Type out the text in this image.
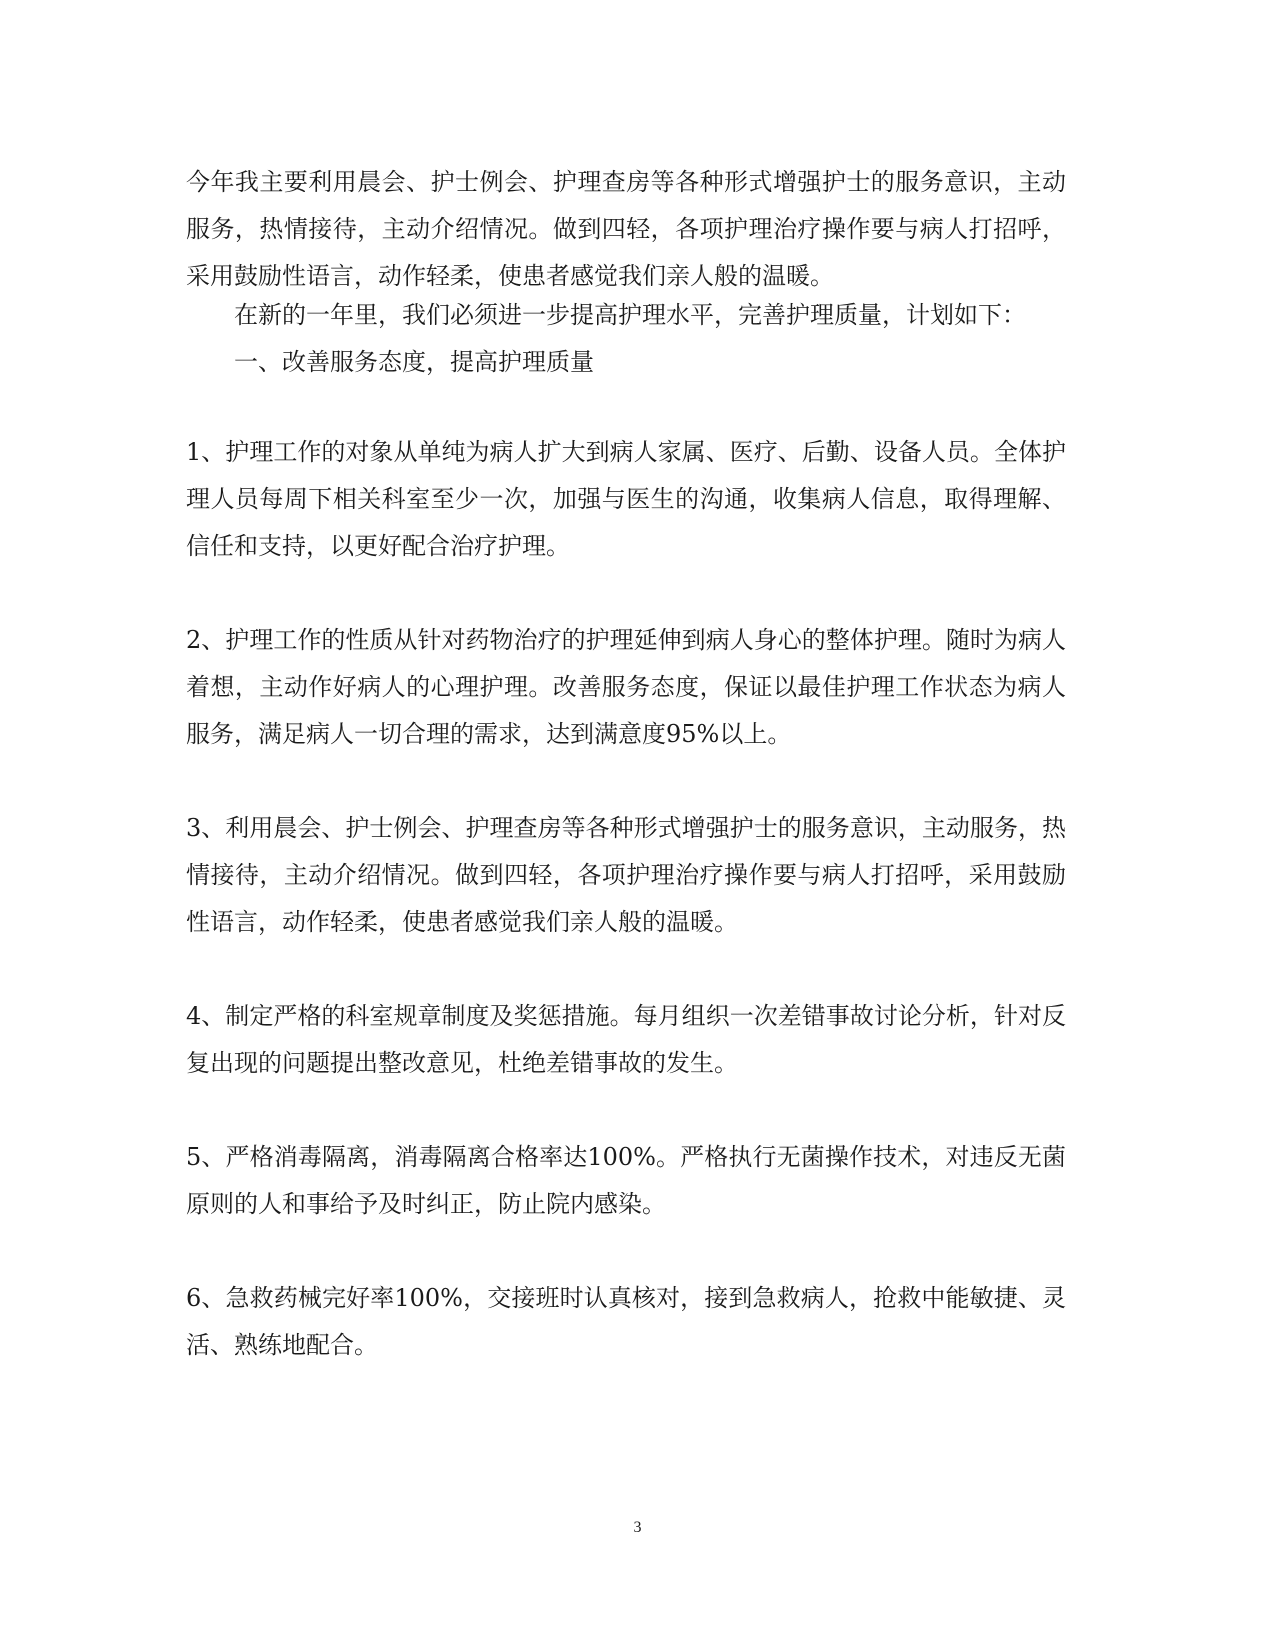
今年我主要利用晨会、护士例会、护理查房等各种形式增强护士的服务意识，主动服务，热情接待，主动介绍情况。做到四轻，各项护理治疗操作要与病人打招呼，采用鼓励性语言，动作轻柔，使患者感觉我们亲人般的温暖。

在新的一年里，我们必须进一步提高护理水平，完善护理质量，计划如下：

一、改善服务态度，提高护理质量

1、护理工作的对象从单纯为病人扩大到病人家属、医疗、后勤、设备人员。全体护理人员每周下相关科室至少一次，加强与医生的沟通，收集病人信息，取得理解、信任和支持，以更好配合治疗护理。

2、护理工作的性质从针对药物治疗的护理延伸到病人身心的整体护理。随时为病人着想，主动作好病人的心理护理。改善服务态度，保证以最佳护理工作状态为病人服务，满足病人一切合理的需求，达到满意度95%以上。

3、利用晨会、护士例会、护理查房等各种形式增强护士的服务意识，主动服务，热情接待，主动介绍情况。做到四轻，各项护理治疗操作要与病人打招呼，采用鼓励性语言，动作轻柔，使患者感觉我们亲人般的温暖。

4、制定严格的科室规章制度及奖惩措施。每月组织一次差错事故讨论分析，针对反复出现的问题提出整改意见，杜绝差错事故的发生。

5、严格消毒隔离，消毒隔离合格率达100%。严格执行无菌操作技术，对违反无菌原则的人和事给予及时纠正，防止院内感染。

6、急救药械完好率100%，交接班时认真核对，接到急救病人，抢救中能敏捷、灵活、熟练地配合。

3
